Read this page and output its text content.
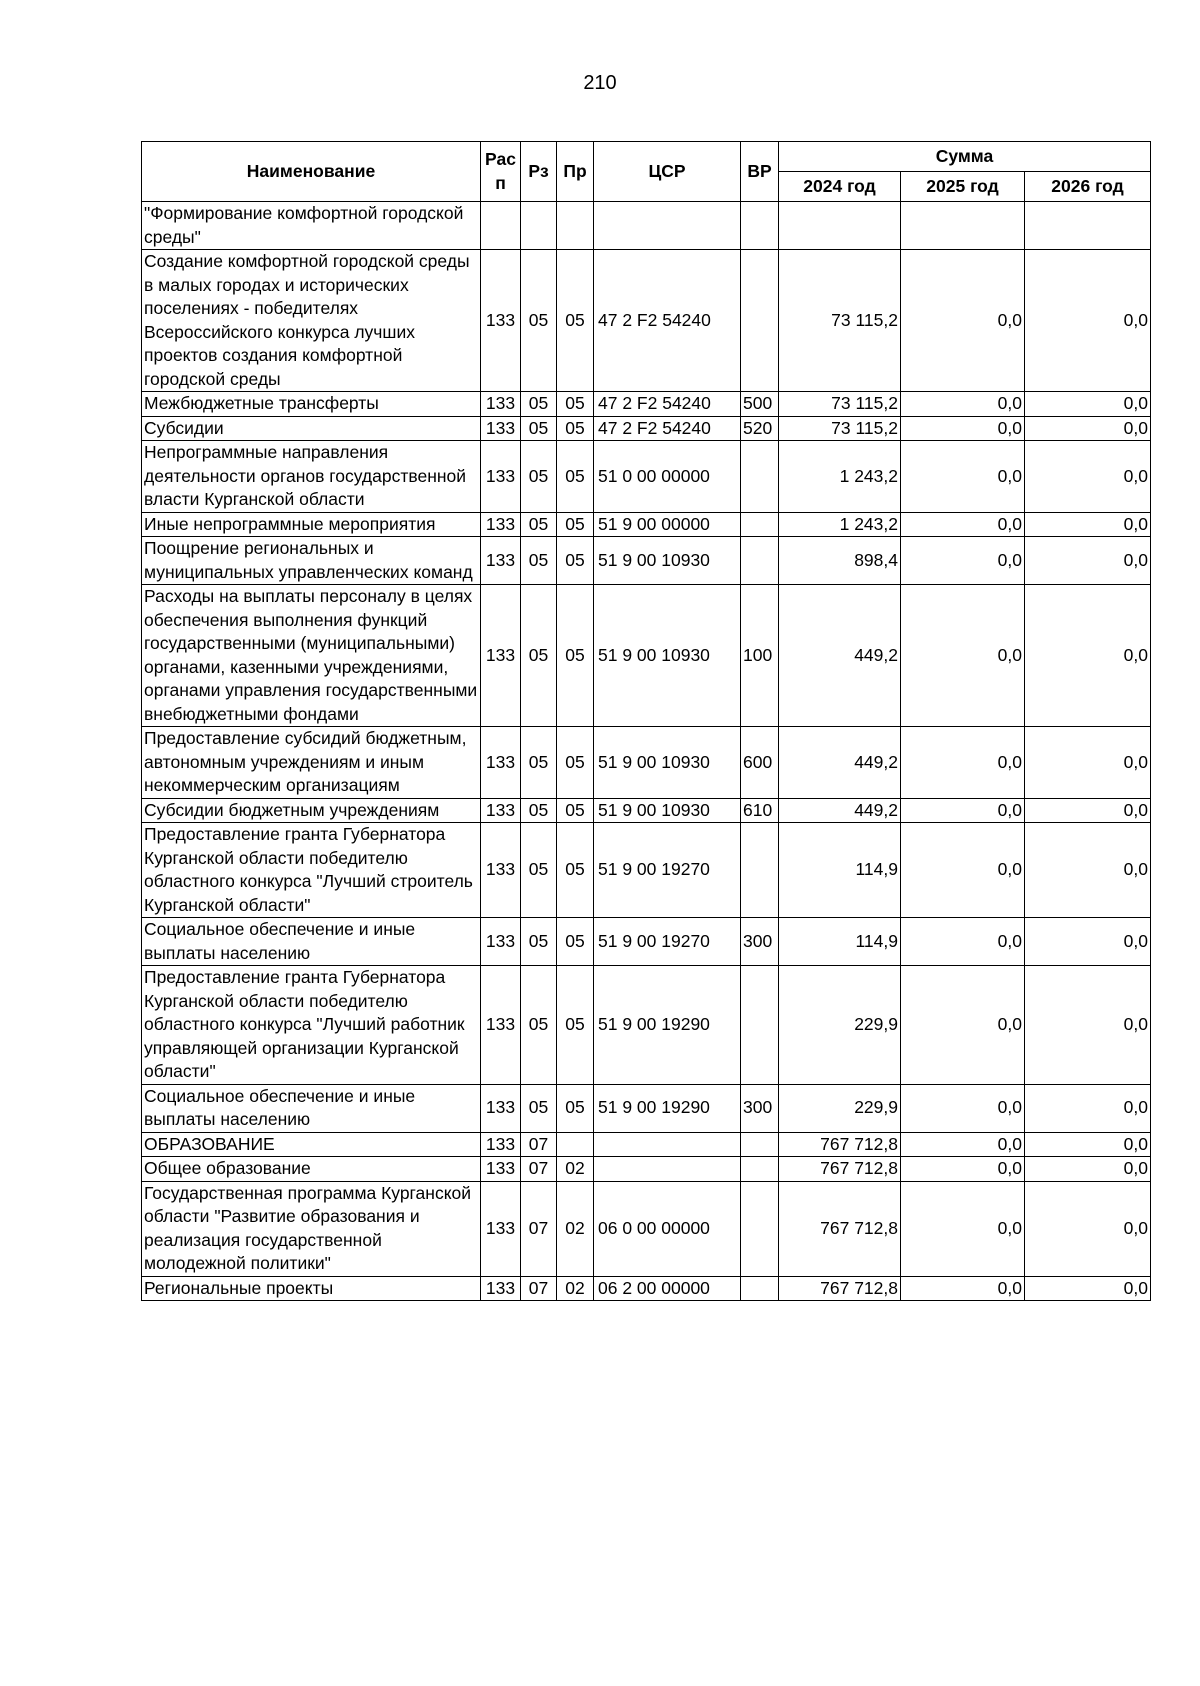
210
Наименование	Рас п	Рз	Пр	ЦСР	ВР	Сумма		
						2024 год	2025 год	2026 год
"Формирование комфортной городской среды"								
Создание комфортной городской среды в малых городах и исторических поселениях - победителях Всероссийского конкурса лучших проектов создания комфортной городской среды	133	05	05	47 2 F2 54240		73 115,2	0,0	0,0
Межбюджетные трансферты	133	05	05	47 2 F2 54240	500	73 115,2	0,0	0,0
Субсидии	133	05	05	47 2 F2 54240	520	73 115,2	0,0	0,0
Непрограммные направления деятельности органов государственной власти Курганской области	133	05	05	51 0 00 00000		1 243,2	0,0	0,0
Иные непрограммные мероприятия	133	05	05	51 9 00 00000		1 243,2	0,0	0,0
Поощрение региональных и муниципальных управленческих команд	133	05	05	51 9 00 10930		898,4	0,0	0,0
Расходы на выплаты персоналу в целях обеспечения выполнения функций государственными (муниципальными) органами, казенными учреждениями, органами управления государственными внебюджетными фондами	133	05	05	51 9 00 10930	100	449,2	0,0	0,0
Предоставление субсидий бюджетным, автономным учреждениям и иным некоммерческим организациям	133	05	05	51 9 00 10930	600	449,2	0,0	0,0
Субсидии бюджетным учреждениям	133	05	05	51 9 00 10930	610	449,2	0,0	0,0
Предоставление гранта Губернатора Курганской области победителю областного конкурса "Лучший строитель Курганской области"	133	05	05	51 9 00 19270		114,9	0,0	0,0
Социальное обеспечение и иные выплаты населению	133	05	05	51 9 00 19270	300	114,9	0,0	0,0
Предоставление гранта Губернатора Курганской области победителю областного конкурса "Лучший работник управляющей организации Курганской области"	133	05	05	51 9 00 19290		229,9	0,0	0,0
Социальное обеспечение и иные выплаты населению	133	05	05	51 9 00 19290	300	229,9	0,0	0,0
ОБРАЗОВАНИЕ	133	07				767 712,8	0,0	0,0
Общее образование	133	07	02			767 712,8	0,0	0,0
Государственная программа Курганской области "Развитие образования и реализация государственной молодежной политики"	133	07	02	06 0 00 00000		767 712,8	0,0	0,0
Региональные проекты	133	07	02	06 2 00 00000		767 712,8	0,0	0,0
